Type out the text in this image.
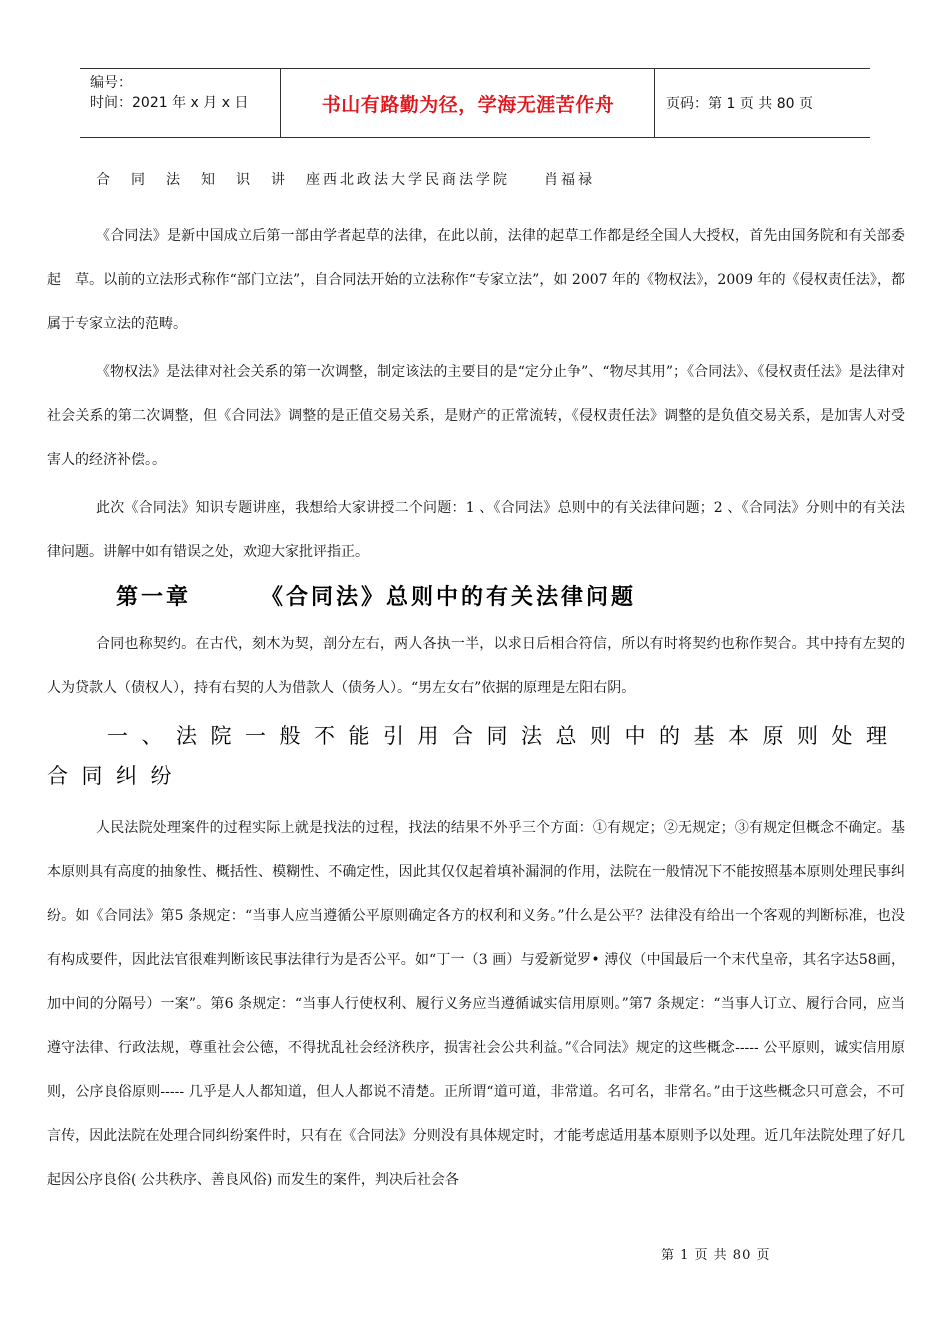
编号：
时间：2021 年 x 月 x 日	书山有路勤为径，学海无涯苦作舟	页码：第 1 页 共 80 页

合同法知识讲座西北政法大学民商法学院　　肖福禄

《合同法》是新中国成立后第一部由学者起草的法律，在此以前，法律的起草工作都是经全国人大授权，首先由国务院和有关部委起　草。以前的立法形式称作“部门立法”，自合同法开始的立法称作“专家立法”，如 2007 年的《物权法》，2009 年的《侵权责任法》，都属于专家立法的范畴。

《物权法》是法律对社会关系的第一次调整，制定该法的主要目的是“定分止争”、“物尽其用”；《合同法》、《侵权责任法》是法律对社会关系的第二次调整，但《合同法》调整的是正值交易关系，是财产的正常流转，《侵权责任法》调整的是负值交易关系，是加害人对受害人的经济补偿。。

此次《合同法》知识专题讲座，我想给大家讲授二个问题：1 、《合同法》总则中的有关法律问题；2 、《合同法》分则中的有关法律问题。讲解中如有错误之处，欢迎大家批评指正。

第一章	《合同法》总则中的有关法律问题

合同也称契约。在古代，刻木为契，剖分左右，两人各执一半，以求日后相合符信，所以有时将契约也称作契合。其中持有左契的人为贷款人（债权人），持有右契的人为借款人（债务人）。“男左女右”依据的原理是左阳右阴。

一、法院一般不能引用合同法总则中的基本原则处理合同纠纷

人民法院处理案件的过程实际上就是找法的过程，找法的结果不外乎三个方面：①有规定；②无规定；③有规定但概念不确定。基本原则具有高度的抽象性、概括性、模糊性、不确定性，因此其仅仅起着填补漏洞的作用，法院在一般情况下不能按照基本原则处理民事纠纷。如《合同法》第5 条规定：“当事人应当遵循公平原则确定各方的权利和义务。”什么是公平？法律没有给出一个客观的判断标准，也没有构成要件，因此法官很难判断该民事法律行为是否公平。如“丁一（3 画）与爱新觉罗• 溥仪（中国最后一个末代皇帝，其名字达58画，加中间的分隔号）一案”。第6 条规定：“当事人行使权利、履行义务应当遵循诚实信用原则。”第7 条规定：“当事人订立、履行合同，应当遵守法律、行政法规，尊重社会公德，不得扰乱社会经济秩序，损害社会公共利益。”《合同法》规定的这些概念----- 公平原则，诚实信用原则，公序良俗原则----- 几乎是人人都知道，但人人都说不清楚。正所谓“道可道，非常道。名可名，非常名。”由于这些概念只可意会，不可言传，因此法院在处理合同纠纷案件时，只有在《合同法》分则没有具体规定时，才能考虑适用基本原则予以处理。近几年法院处理了好几起因公序良俗( 公共秩序、善良风俗) 而发生的案件，判决后社会各

第 1 页 共 80 页
